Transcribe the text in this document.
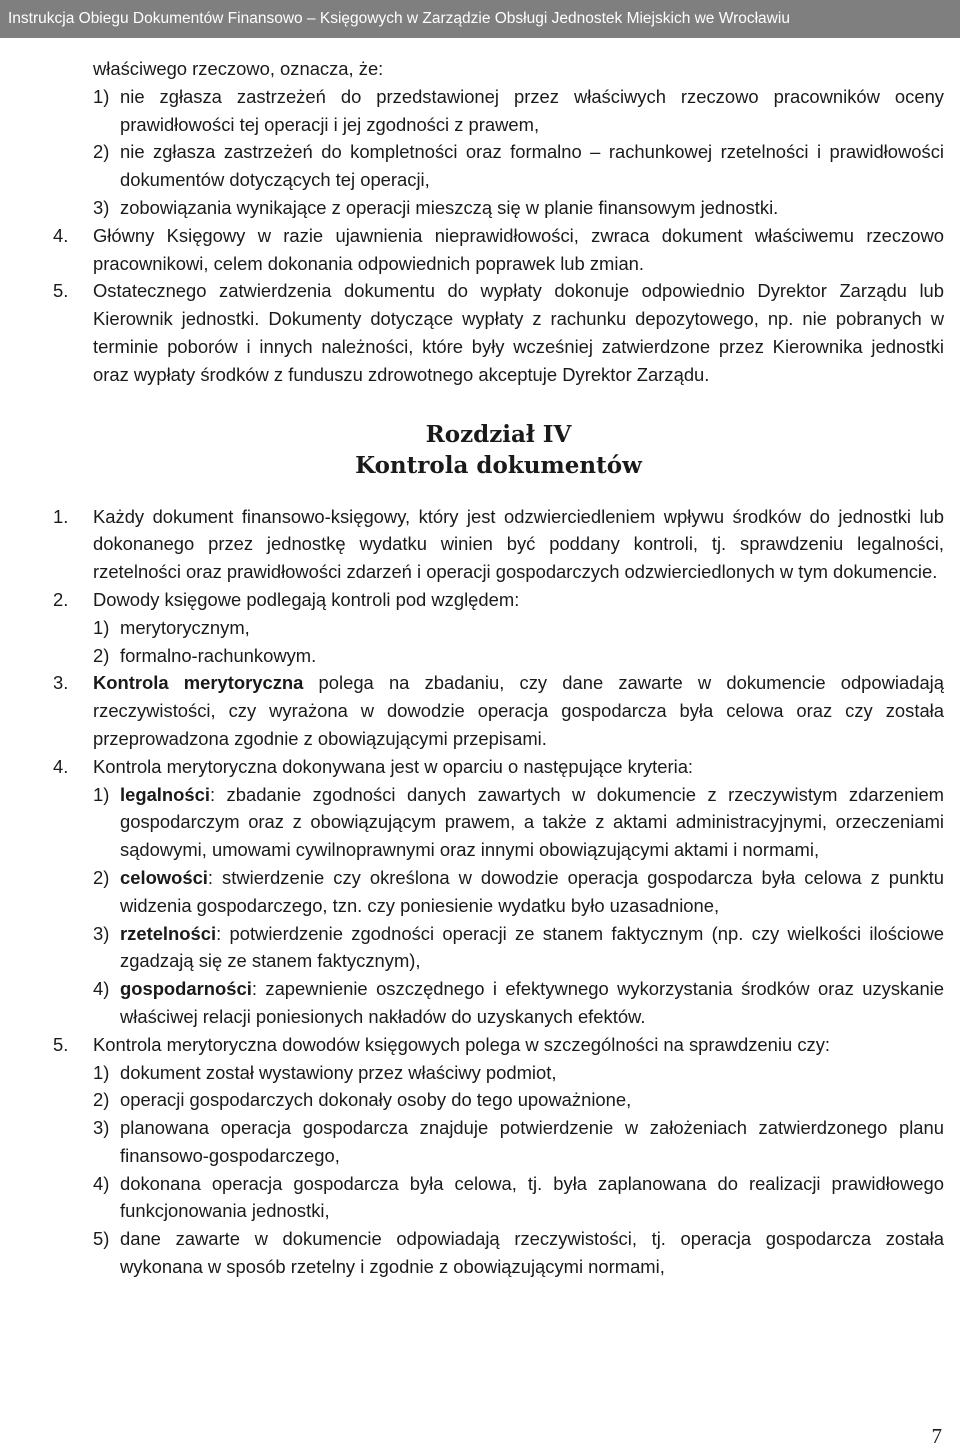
Instrukcja Obiegu Dokumentów Finansowo – Księgowych w Zarządzie Obsługi Jednostek Miejskich we Wrocławiu
właściwego rzeczowo, oznacza, że:
1) nie zgłasza zastrzeżeń do przedstawionej przez właściwych rzeczowo pracowników oceny prawidłowości tej operacji i jej zgodności z prawem,
2) nie zgłasza zastrzeżeń do kompletności oraz formalno – rachunkowej rzetelności i prawidłowości dokumentów dotyczących tej operacji,
3) zobowiązania wynikające z operacji mieszczą się w planie finansowym jednostki.
4. Główny Księgowy w razie ujawnienia nieprawidłowości, zwraca dokument właściwemu rzeczowo pracownikowi, celem dokonania odpowiednich poprawek lub zmian.
5. Ostatecznego zatwierdzenia dokumentu do wypłaty dokonuje odpowiednio Dyrektor Zarządu lub Kierownik jednostki. Dokumenty dotyczące wypłaty z rachunku depozytowego, np. nie pobranych w terminie poborów i innych należności, które były wcześniej zatwierdzone przez Kierownika jednostki oraz wypłaty środków z funduszu zdrowotnego akceptuje Dyrektor Zarządu.
Rozdział IV
Kontrola dokumentów
1. Każdy dokument finansowo-księgowy, który jest odzwierciedleniem wpływu środków do jednostki lub dokonanego przez jednostkę wydatku winien być poddany kontroli, tj. sprawdzeniu legalności, rzetelności oraz prawidłowości zdarzeń i operacji gospodarczych odzwierciedlonych w tym dokumencie.
2. Dowody księgowe podlegają kontroli pod względem:
1) merytorycznym,
2) formalno-rachunkowym.
3. Kontrola merytoryczna polega na zbadaniu, czy dane zawarte w dokumencie odpowiadają rzeczywistości, czy wyrażona w dowodzie operacja gospodarcza była celowa oraz czy została przeprowadzona zgodnie z obowiązującymi przepisami.
4. Kontrola merytoryczna dokonywana jest w oparciu o następujące kryteria:
1) legalności: zbadanie zgodności danych zawartych w dokumencie z rzeczywistym zdarzeniem gospodarczym oraz z obowiązującym prawem, a także z aktami administracyjnymi, orzeczeniami sądowymi, umowami cywilnoprawnymi oraz innymi obowiązującymi aktami i normami,
2) celowości: stwierdzenie czy określona w dowodzie operacja gospodarcza była celowa z punktu widzenia gospodarczego, tzn. czy poniesienie wydatku było uzasadnione,
3) rzetelności: potwierdzenie zgodności operacji ze stanem faktycznym (np. czy wielkości ilościowe zgadzają się ze stanem faktycznym),
4) gospodarności: zapewnienie oszczędnego i efektywnego wykorzystania środków oraz uzyskanie właściwej relacji poniesionych nakładów do uzyskanych efektów.
5. Kontrola merytoryczna dowodów księgowych polega w szczególności na sprawdzeniu czy:
1) dokument został wystawiony przez właściwy podmiot,
2) operacji gospodarczych dokonały osoby do tego upoważnione,
3) planowana operacja gospodarcza znajduje potwierdzenie w założeniach zatwierdzonego planu finansowo-gospodarczego,
4) dokonana operacja gospodarcza była celowa, tj. była zaplanowana do realizacji prawidłowego funkcjonowania jednostki,
5) dane zawarte w dokumencie odpowiadają rzeczywistości, tj. operacja gospodarcza została wykonana w sposób rzetelny i zgodnie z obowiązującymi normami,
7
